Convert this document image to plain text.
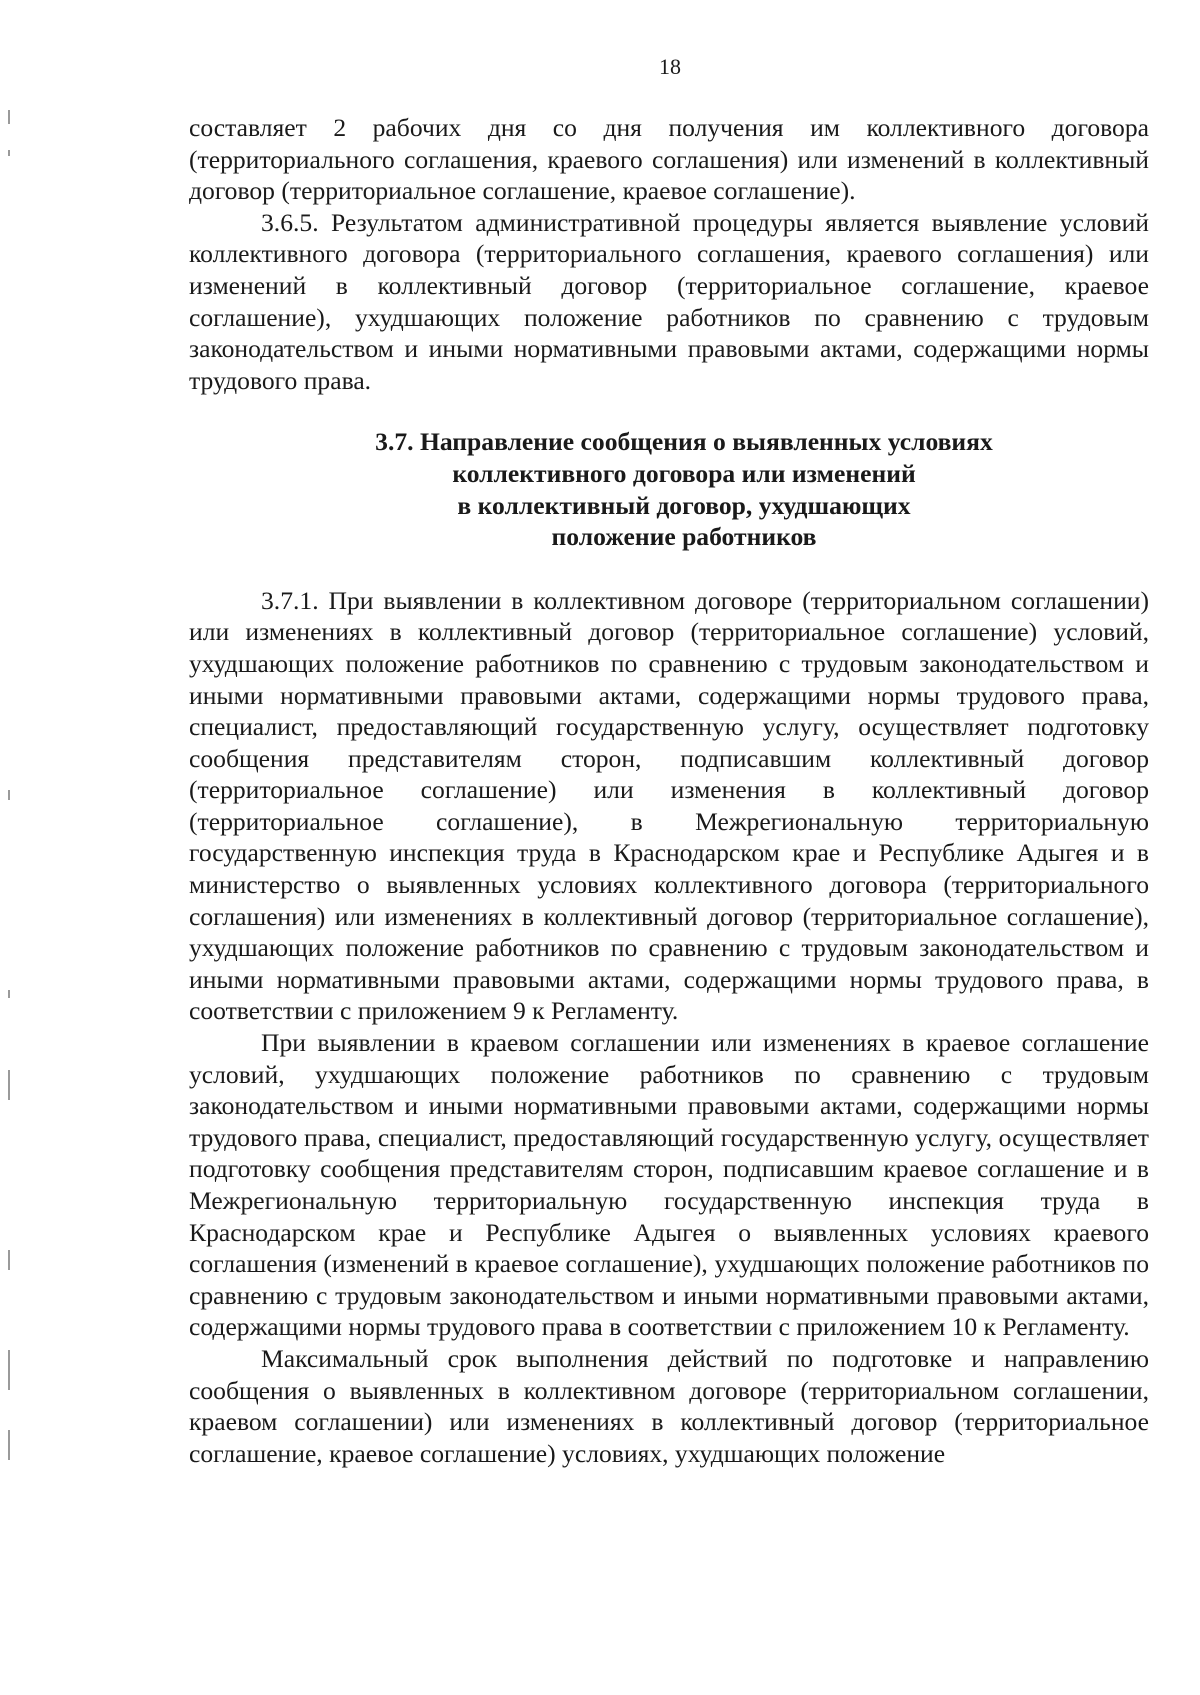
18

составляет 2 рабочих дня со дня получения им коллективного договора (территориального соглашения, краевого соглашения) или изменений в коллективный договор (территориальное соглашение, краевое соглашение).

3.6.5. Результатом административной процедуры является выявление условий коллективного договора (территориального соглашения, краевого соглашения) или изменений в коллективный договор (территориальное соглашение, краевое соглашение), ухудшающих положение работников по сравнению с трудовым законодательством и иными нормативными правовыми актами, содержащими нормы трудового права.

3.7. Направление сообщения о выявленных условиях
коллективного договора или изменений
в коллективный договор, ухудшающих
положение работников

3.7.1. При выявлении в коллективном договоре (территориальном соглашении) или изменениях в коллективный договор (территориальное соглашение) условий, ухудшающих положение работников по сравнению с трудовым законодательством и иными нормативными правовыми актами, содержащими нормы трудового права, специалист, предоставляющий государственную услугу, осуществляет подготовку сообщения представителям сторон, подписавшим коллективный договор (территориальное соглашение) или изменения в коллективный договор (территориальное соглашение), в Межрегиональную территориальную государственную инспекция труда в Краснодарском крае и Республике Адыгея и в министерство о выявленных условиях коллективного договора (территориального соглашения) или изменениях в коллективный договор (территориальное соглашение), ухудшающих положение работников по сравнению с трудовым законодательством и иными нормативными правовыми актами, содержащими нормы трудового права, в соответствии с приложением 9 к Регламенту.

При выявлении в краевом соглашении или изменениях в краевое соглашение условий, ухудшающих положение работников по сравнению с трудовым законодательством и иными нормативными правовыми актами, содержащими нормы трудового права, специалист, предоставляющий государственную услугу, осуществляет подготовку сообщения представителям сторон, подписавшим краевое соглашение и в Межрегиональную территориальную государственную инспекция труда в Краснодарском крае и Республике Адыгея о выявленных условиях краевого соглашения (изменений в краевое соглашение), ухудшающих положение работников по сравнению с трудовым законодательством и иными нормативными правовыми актами, содержащими нормы трудового права в соответствии с приложением 10 к Регламенту.

Максимальный срок выполнения действий по подготовке и направлению сообщения о выявленных в коллективном договоре (территориальном соглашении, краевом соглашении) или изменениях в коллективный договор (территориальное соглашение, краевое соглашение) условиях, ухудшающих положение
